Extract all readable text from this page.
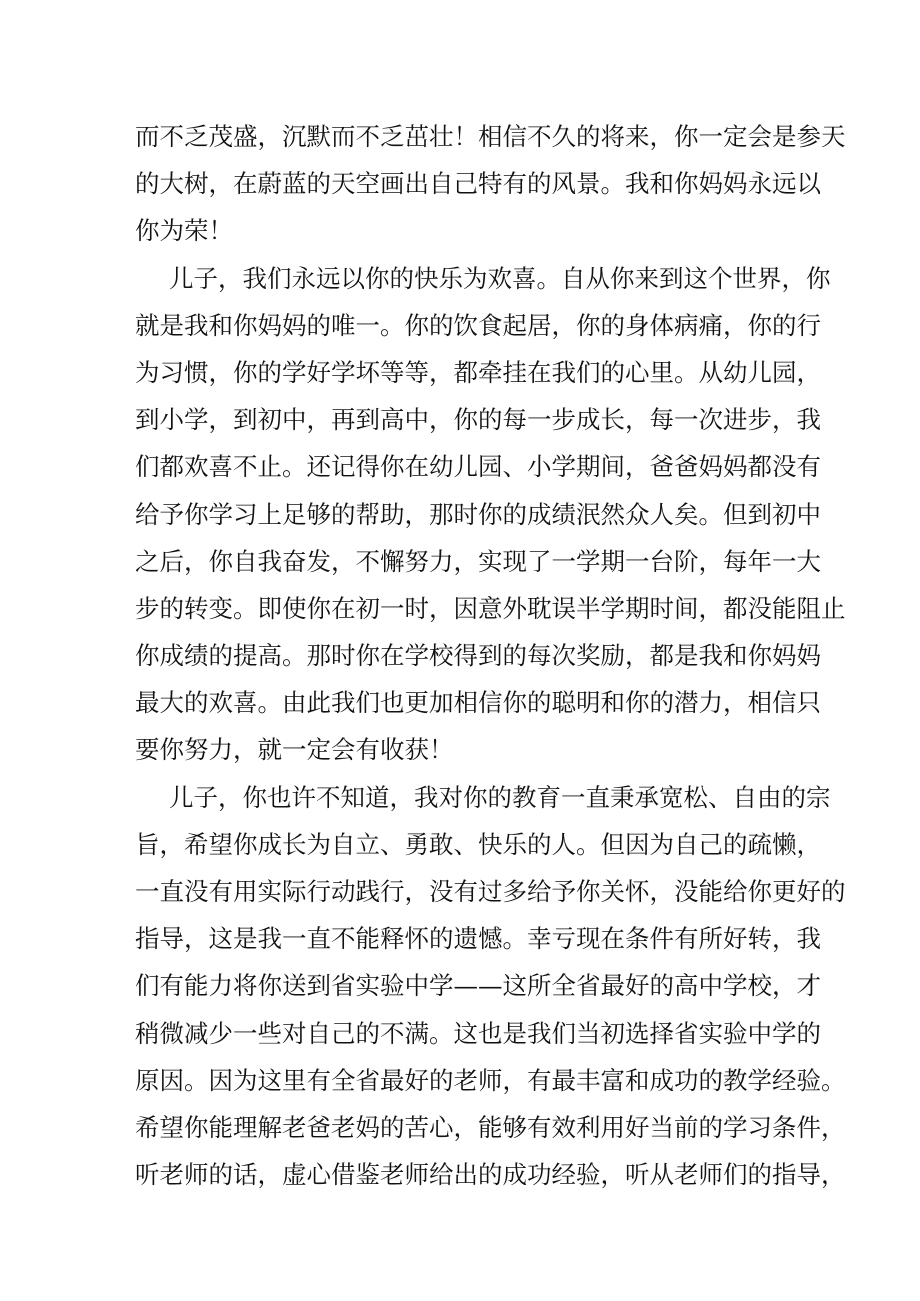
而不乏茂盛，沉默而不乏茁壮！相信不久的将来，你一定会是参天
的大树，在蔚蓝的天空画出自己特有的风景。我和你妈妈永远以
你为荣！
儿子，我们永远以你的快乐为欢喜。自从你来到这个世界，你
就是我和你妈妈的唯一。你的饮食起居，你的身体病痛，你的行
为习惯，你的学好学坏等等，都牵挂在我们的心里。从幼儿园，
到小学，到初中，再到高中，你的每一步成长，每一次进步，我
们都欢喜不止。还记得你在幼儿园、小学期间，爸爸妈妈都没有
给予你学习上足够的帮助，那时你的成绩泯然众人矣。但到初中
之后，你自我奋发，不懈努力，实现了一学期一台阶，每年一大
步的转变。即使你在初一时，因意外耽误半学期时间，都没能阻止
你成绩的提高。那时你在学校得到的每次奖励，都是我和你妈妈
最大的欢喜。由此我们也更加相信你的聪明和你的潜力，相信只
要你努力，就一定会有收获！
儿子，你也许不知道，我对你的教育一直秉承宽松、自由的宗
旨，希望你成长为自立、勇敢、快乐的人。但因为自己的疏懒，
一直没有用实际行动践行，没有过多给予你关怀，没能给你更好的
指导，这是我一直不能释怀的遗憾。幸亏现在条件有所好转，我
们有能力将你送到省实验中学——这所全省最好的高中学校，才
稍微减少一些对自己的不满。这也是我们当初选择省实验中学的
原因。因为这里有全省最好的老师，有最丰富和成功的教学经验。
希望你能理解老爸老妈的苦心，能够有效利用好当前的学习条件，
听老师的话，虚心借鉴老师给出的成功经验，听从老师们的指导，
